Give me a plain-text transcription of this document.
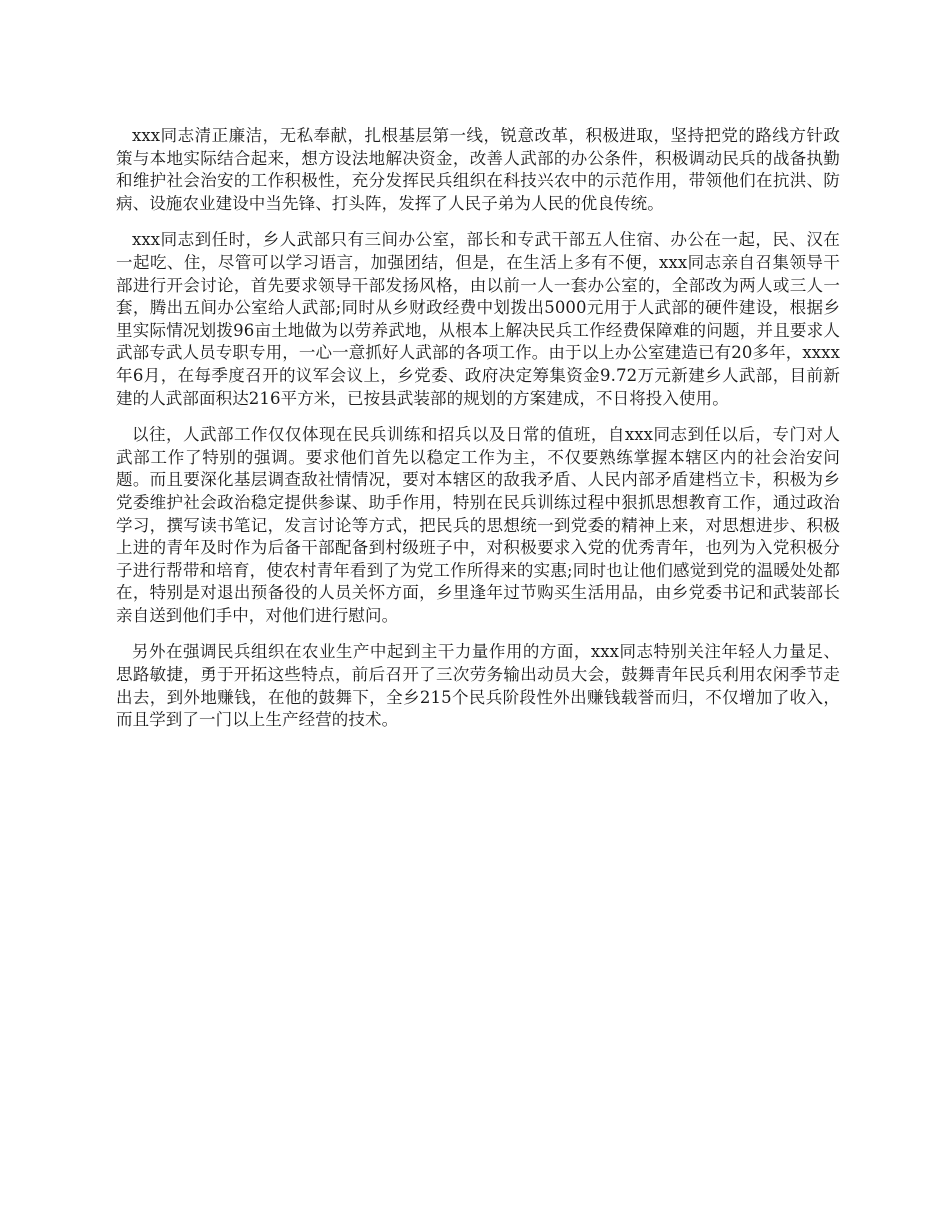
xxx同志清正廉洁，无私奉献，扎根基层第一线，锐意改革，积极进取，坚持把党的路线方针政策与本地实际结合起来，想方设法地解决资金，改善人武部的办公条件，积极调动民兵的战备执勤和维护社会治安的工作积极性，充分发挥民兵组织在科技兴农中的示范作用，带领他们在抗洪、防病、设施农业建设中当先锋、打头阵，发挥了人民子弟为人民的优良传统。

xxx同志到任时，乡人武部只有三间办公室，部长和专武干部五人住宿、办公在一起，民、汉在一起吃、住，尽管可以学习语言，加强团结，但是，在生活上多有不便，xxx同志亲自召集领导干部进行开会讨论，首先要求领导干部发扬风格，由以前一人一套办公室的，全部改为两人或三人一套，腾出五间办公室给人武部;同时从乡财政经费中划拨出5000元用于人武部的硬件建设，根据乡里实际情况划拨96亩土地做为以劳养武地，从根本上解决民兵工作经费保障难的问题，并且要求人武部专武人员专职专用，一心一意抓好人武部的各项工作。由于以上办公室建造已有20多年，xxxx年6月，在每季度召开的议军会议上，乡党委、政府决定筹集资金9.72万元新建乡人武部，目前新建的人武部面积达216平方米，已按县武装部的规划的方案建成，不日将投入使用。

以往，人武部工作仅仅体现在民兵训练和招兵以及日常的值班，自xxx同志到任以后，专门对人武部工作了特别的强调。要求他们首先以稳定工作为主，不仅要熟练掌握本辖区内的社会治安问题。而且要深化基层调查敌社情情况，要对本辖区的敌我矛盾、人民内部矛盾建档立卡，积极为乡党委维护社会政治稳定提供参谋、助手作用，特别在民兵训练过程中狠抓思想教育工作，通过政治学习，撰写读书笔记，发言讨论等方式，把民兵的思想统一到党委的精神上来，对思想进步、积极上进的青年及时作为后备干部配备到村级班子中，对积极要求入党的优秀青年，也列为入党积极分子进行帮带和培育，使农村青年看到了为党工作所得来的实惠;同时也让他们感觉到党的温暖处处都在，特别是对退出预备役的人员关怀方面，乡里逢年过节购买生活用品，由乡党委书记和武装部长亲自送到他们手中，对他们进行慰问。

另外在强调民兵组织在农业生产中起到主干力量作用的方面，xxx同志特别关注年轻人力量足、思路敏捷，勇于开拓这些特点，前后召开了三次劳务输出动员大会，鼓舞青年民兵利用农闲季节走出去，到外地赚钱，在他的鼓舞下，全乡215个民兵阶段性外出赚钱载誉而归，不仅增加了收入，而且学到了一门以上生产经营的技术。
